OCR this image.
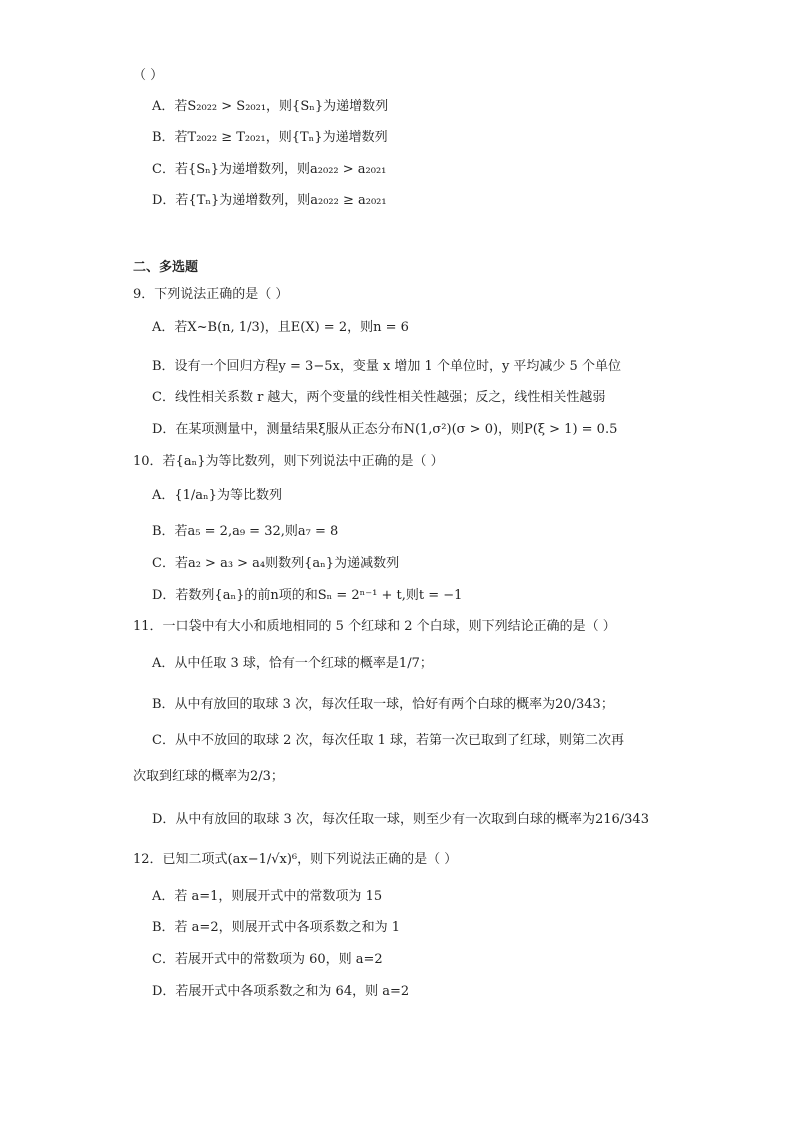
（ ）
A．若S₂₀₂₂ > S₂₀₂₁，则{Sₙ}为递增数列
B．若T₂₀₂₂ ≥ T₂₀₂₁，则{Tₙ}为递增数列
C．若{Sₙ}为递增数列，则a₂₀₂₂ > a₂₀₂₁
D．若{Tₙ}为递增数列，则a₂₀₂₂ ≥ a₂₀₂₁
二、多选题
9．下列说法正确的是（ ）
A．若X~B(n, 1/3)，且E(X) = 2，则n = 6
B．设有一个回归方程y = 3−5x，变量 x 增加 1 个单位时，y 平均减少 5 个单位
C．线性相关系数 r 越大，两个变量的线性相关性越强；反之，线性相关性越弱
D．在某项测量中，测量结果ξ服从正态分布N(1,σ²)(σ > 0)，则P(ξ > 1) = 0.5
10．若{aₙ}为等比数列，则下列说法中正确的是（ ）
A．{1/aₙ}为等比数列
B．若a₅ = 2,a₉ = 32,则a₇ = 8
C．若a₂ > a₃ > a₄则数列{aₙ}为递减数列
D．若数列{aₙ}的前n项的和Sₙ = 2ⁿ⁻¹ + t,则t = −1
11．一口袋中有大小和质地相同的 5 个红球和 2 个白球，则下列结论正确的是（ ）
A．从中任取 3 球，恰有一个红球的概率是1/7；
B．从中有放回的取球 3 次，每次任取一球，恰好有两个白球的概率为20/343；
C．从中不放回的取球 2 次，每次任取 1 球，若第一次已取到了红球，则第二次再
次取到红球的概率为2/3；
D．从中有放回的取球 3 次，每次任取一球，则至少有一次取到白球的概率为216/343
12．已知二项式(ax−1/√x)⁶，则下列说法正确的是（ ）
A．若 a=1，则展开式中的常数项为 15
B．若 a=2，则展开式中各项系数之和为 1
C．若展开式中的常数项为 60，则 a=2
D．若展开式中各项系数之和为 64，则 a=2
